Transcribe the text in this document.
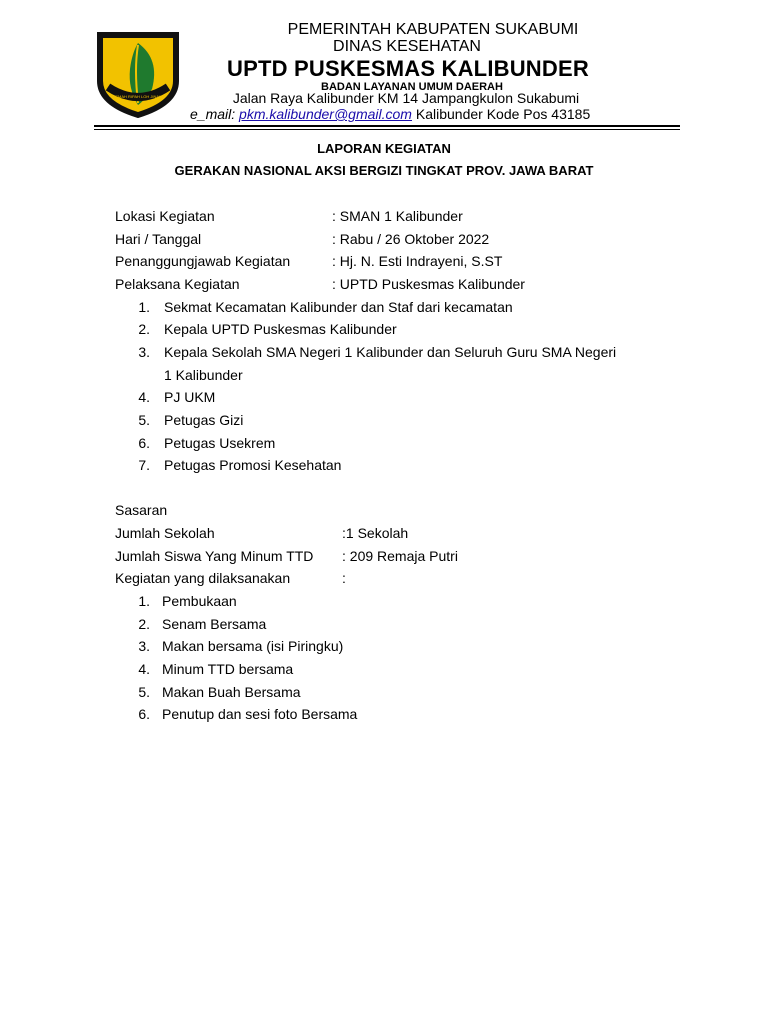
GEMAH RIPAH LOH JINAWI
PEMERINTAH KABUPATEN SUKABUMI
DINAS KESEHATAN
UPTD PUSKESMAS KALIBUNDER
BADAN LAYANAN UMUM DAERAH
Jalan Raya Kalibunder KM 14 Jampangkulon Sukabumi
e_mail: pkm.kalibunder@gmail.com Kalibunder Kode Pos 43185
LAPORAN KEGIATAN
GERAKAN NASIONAL AKSI BERGIZI TINGKAT PROV. JAWA BARAT
Lokasi Kegiatan	: SMAN 1 Kalibunder
Hari / Tanggal	: Rabu / 26 Oktober 2022
Penanggungjawab Kegiatan	: Hj. N. Esti Indrayeni, S.ST
Pelaksana Kegiatan	: UPTD Puskesmas Kalibunder
1. Sekmat Kecamatan Kalibunder dan Staf dari kecamatan
2. Kepala UPTD Puskesmas Kalibunder
3. Kepala Sekolah SMA Negeri 1 Kalibunder dan Seluruh Guru SMA Negeri
1 Kalibunder
4. PJ UKM
5. Petugas Gizi
6. Petugas Usekrem
7. Petugas Promosi Kesehatan
Sasaran
Jumlah Sekolah	:1 Sekolah
Jumlah Siswa Yang Minum TTD : 209 Remaja Putri
Kegiatan yang dilaksanakan	:
1. Pembukaan
2. Senam Bersama
3. Makan bersama (isi Piringku)
4. Minum TTD bersama
5. Makan Buah Bersama
6. Penutup dan sesi foto Bersama
